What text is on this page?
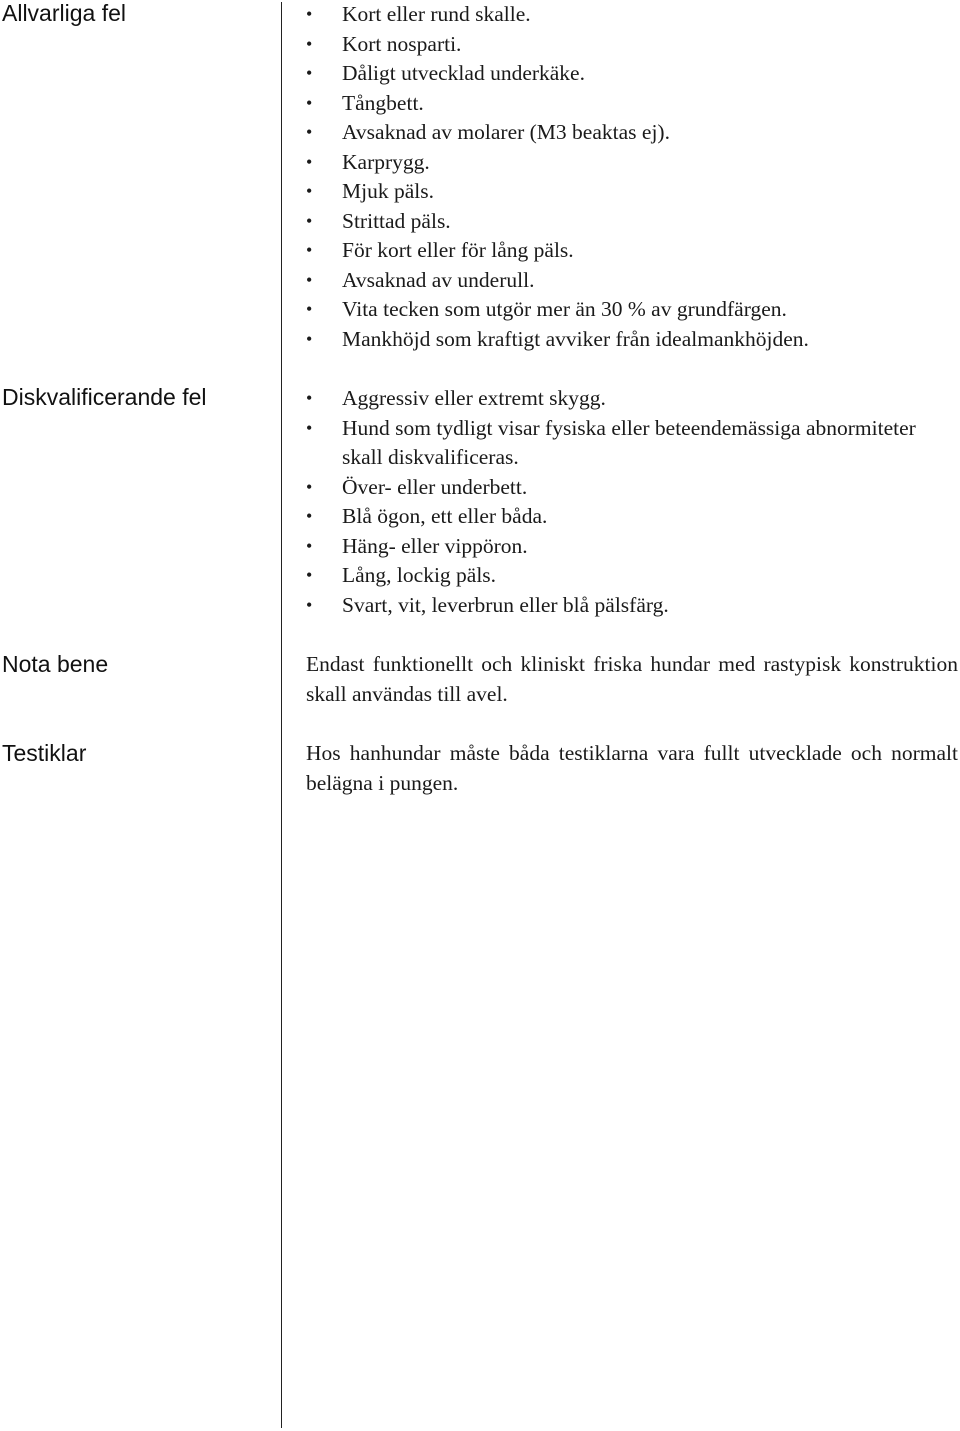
Allvarliga fel	• Kort eller rund skalle.
• Kort nosparti.
• Dåligt utvecklad underkäke.
• Tångbett.
• Avsaknad av molarer (M3 beaktas ej).
• Karprygg.
• Mjuk päls.
• Strittad päls.
• För kort eller för lång päls.
• Avsaknad av underull.
• Vita tecken som utgör mer än 30 % av grundfärgen.
• Mankhöjd som kraftigt avviker från idealmankhöjden.
Diskvalificerande fel	• Aggressiv eller extremt skygg.
• Hund som tydligt visar fysiska eller beteendemässiga abnormiteter skall diskvalificeras.
• Över- eller underbett.
• Blå ögon, ett eller båda.
• Häng- eller vippöron.
• Lång, lockig päls.
• Svart, vit, leverbrun eller blå pälsfärg.
Nota bene	Endast funktionellt och kliniskt friska hundar med rastypisk konstruktion skall användas till avel.

Testiklar	Hos hanhundar måste båda testiklarna vara fullt utvecklade och normalt belägna i pungen.
